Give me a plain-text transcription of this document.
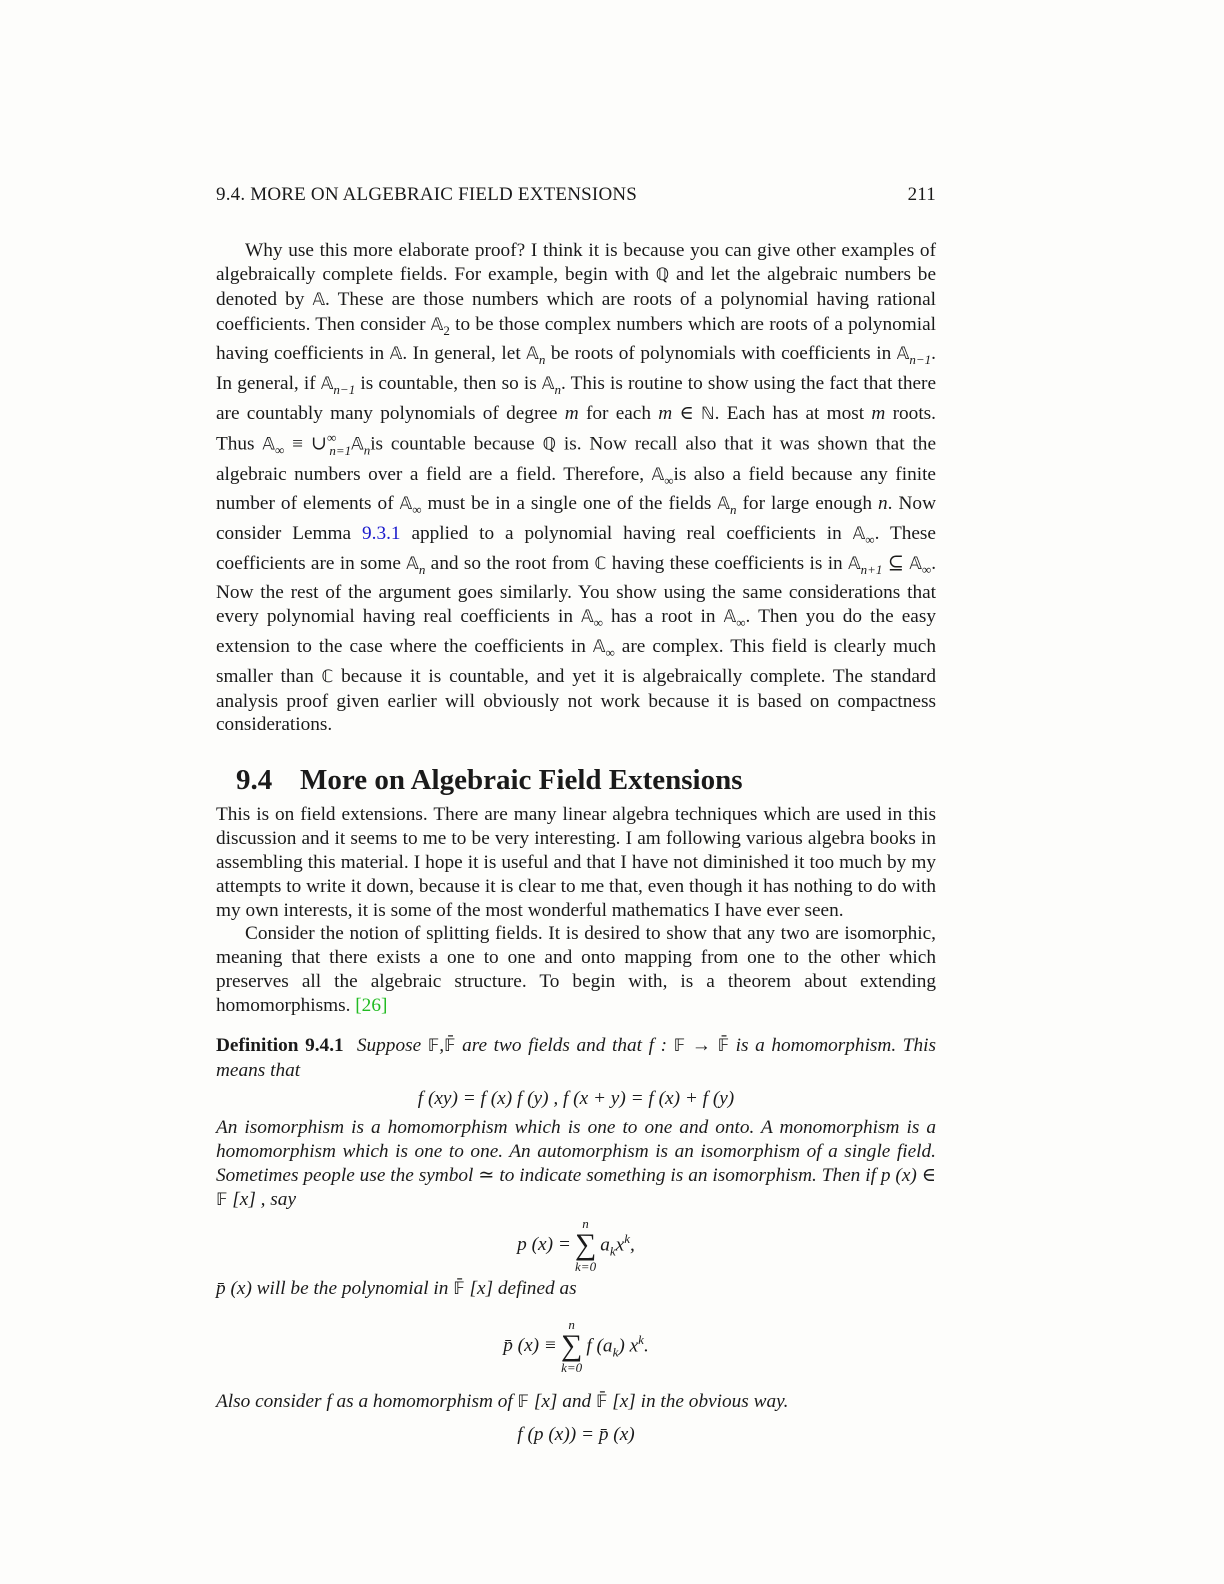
9.4. MORE ON ALGEBRAIC FIELD EXTENSIONS	211

Why use this more elaborate proof? I think it is because you can give other examples of algebraically complete fields. For example, begin with ℚ and let the algebraic numbers be denoted by 𝔸. These are those numbers which are roots of a polynomial having rational coefficients. Then consider 𝔸$_2$ to be those complex numbers which are roots of a polynomial having coefficients in 𝔸. In general, let 𝔸$_n$ be roots of polynomials with coefficients in 𝔸$_{n-1}$. In general, if 𝔸$_{n-1}$ is countable, then so is 𝔸$_n$. This is routine to show using the fact that there are countably many polynomials of degree m for each m ∈ ℕ. Each has at most m roots. Thus 𝔸$_\infty$ ≡ $\cup^\infty_{n=1}𝔸_nis$ countable because ℚ is. Now recall also that it was shown that the algebraic numbers over a field are a field. Therefore, 𝔸$_\infty$is also a field because any finite number of elements of 𝔸$_\infty$ must be in a single one of the fields 𝔸$_n$ for large enough n. Now consider Lemma 9.3.1 applied to a polynomial having real coefficients in 𝔸$_\infty$. These coefficients are in some 𝔸$_n$ and so the root from ℂ having these coefficients is in 𝔸$_{n+1}$ ⊆ 𝔸$_\infty$. Now the rest of the argument goes similarly. You show using the same considerations that every polynomial having real coefficients in 𝔸$_\infty$ has a root in 𝔸$_\infty$. Then you do the easy extension to the case where the coefficients in 𝔸$_\infty$ are complex. This field is clearly much smaller than ℂ because it is countable, and yet it is algebraically complete. The standard analysis proof given earlier will obviously not work because it is based on compactness considerations.

9.4 More on Algebraic Field Extensions

This is on field extensions. There are many linear algebra techniques which are used in this discussion and it seems to me to be very interesting. I am following various algebra books in assembling this material. I hope it is useful and that I have not diminished it too much by my attempts to write it down, because it is clear to me that, even though it has nothing to do with my own interests, it is some of the most wonderful mathematics I have ever seen.

Consider the notion of splitting fields. It is desired to show that any two are isomorphic, meaning that there exists a one to one and onto mapping from one to the other which preserves all the algebraic structure. To begin with, is a theorem about extending homomorphisms. [26]

Definition 9.4.1 Suppose 𝔽,𝔽̄ are two fields and that f : 𝔽 → 𝔽̄ is a homomorphism. This means that

f (xy) = f (x) f (y) , f (x + y) = f (x) + f (y)

An isomorphism is a homomorphism which is one to one and onto. A monomorphism is a homomorphism which is one to one. An automorphism is an isomorphism of a single field. Sometimes people use the symbol ≃ to indicate something is an isomorphism. Then if p (x) ∈ 𝔽 [x] , say

p (x) =
n
∑
k=0
$a_kx^k$,

p̄ (x) will be the polynomial in 𝔽̄ [x] defined as

p̄ (x) ≡
n
∑
k=0
f $(a_k)$ $x^k$.

Also consider f as a homomorphism of 𝔽 [x] and 𝔽̄ [x] in the obvious way.

f (p (x)) = p̄ (x)
